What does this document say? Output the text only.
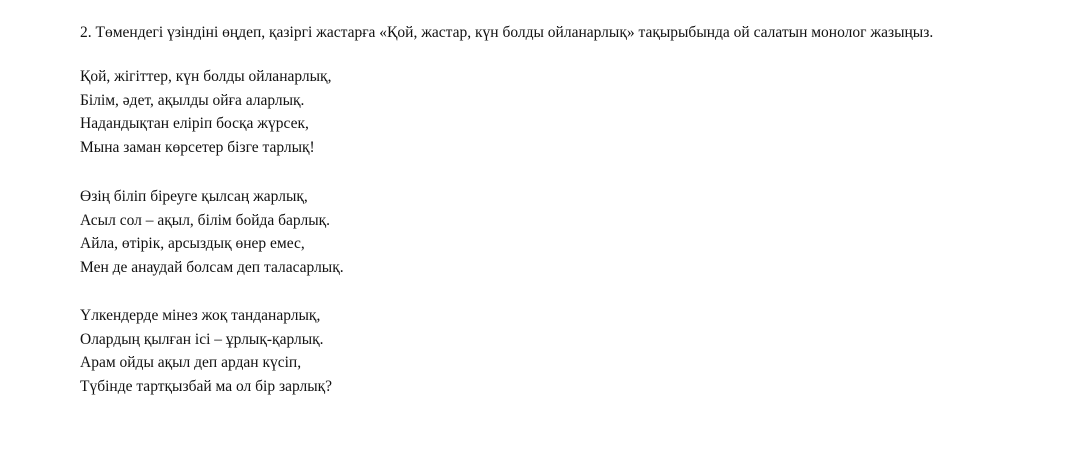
2. Төмендегі үзіндіні өңдеп, қазіргі жастарға «Қой, жастар, күн болды ойланарлық» тақырыбында ой салатын монолог жазыңыз.

Қой, жігіттер, күн болды ойланарлық,
Білім, әдет, ақылды ойға аларлық.
Надандықтан еліріп босқа жүрсек,
Мына заман көрсетер бізге тарлық!
Өзің біліп біреуге қылсаң жарлық,
Асыл сол – ақыл, білім бойда барлық.
Айла, өтірік, арсыздық өнер емес,
Мен де анаудай болсам деп таласарлық.
Үлкендерде мінез жоқ танданарлық,
Олардың қылған ісі – ұрлық-қарлық.
Арам ойды ақыл деп ардан күсіп,
Түбінде тартқызбай ма ол бір зарлық?
